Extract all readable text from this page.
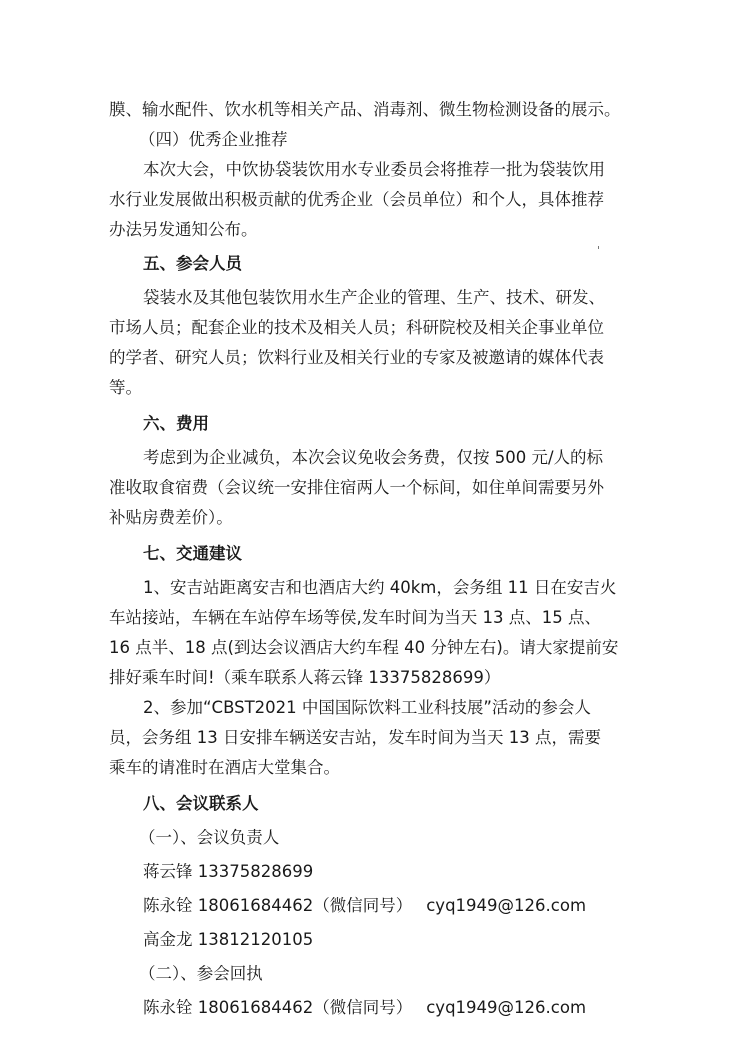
膜、输水配件、饮水机等相关产品、消毒剂、微生物检测设备的展示。
（四）优秀企业推荐
本次大会，中饮协袋装饮用水专业委员会将推荐一批为袋装饮用
水行业发展做出积极贡献的优秀企业（会员单位）和个人，具体推荐
办法另发通知公布。
五、参会人员
袋装水及其他包装饮用水生产企业的管理、生产、技术、研发、
市场人员；配套企业的技术及相关人员；科研院校及相关企事业单位
的学者、研究人员；饮料行业及相关行业的专家及被邀请的媒体代表
等。
六、费用
考虑到为企业减负，本次会议免收会务费，仅按 500 元/人的标
准收取食宿费（会议统一安排住宿两人一个标间，如住单间需要另外
补贴房费差价）。
七、交通建议
1、安吉站距离安吉和也酒店大约 40km，会务组 11 日在安吉火
车站接站，车辆在车站停车场等侯,发车时间为当天 13 点、15 点、
16 点半、18 点(到达会议酒店大约车程 40 分钟左右)。请大家提前安
排好乘车时间!（乘车联系人蒋云锋 13375828699）
2、参加“CBST2021 中国国际饮料工业科技展”活动的参会人
员，会务组 13 日安排车辆送安吉站，发车时间为当天 13 点，需要
乘车的请准时在酒店大堂集合。
八、会议联系人
（一）、会议负责人
蒋云锋 13375828699
陈永铨 18061684462（微信同号） cyq1949@126.com
高金龙 13812120105
（二）、参会回执
陈永铨 18061684462（微信同号） cyq1949@126.com
